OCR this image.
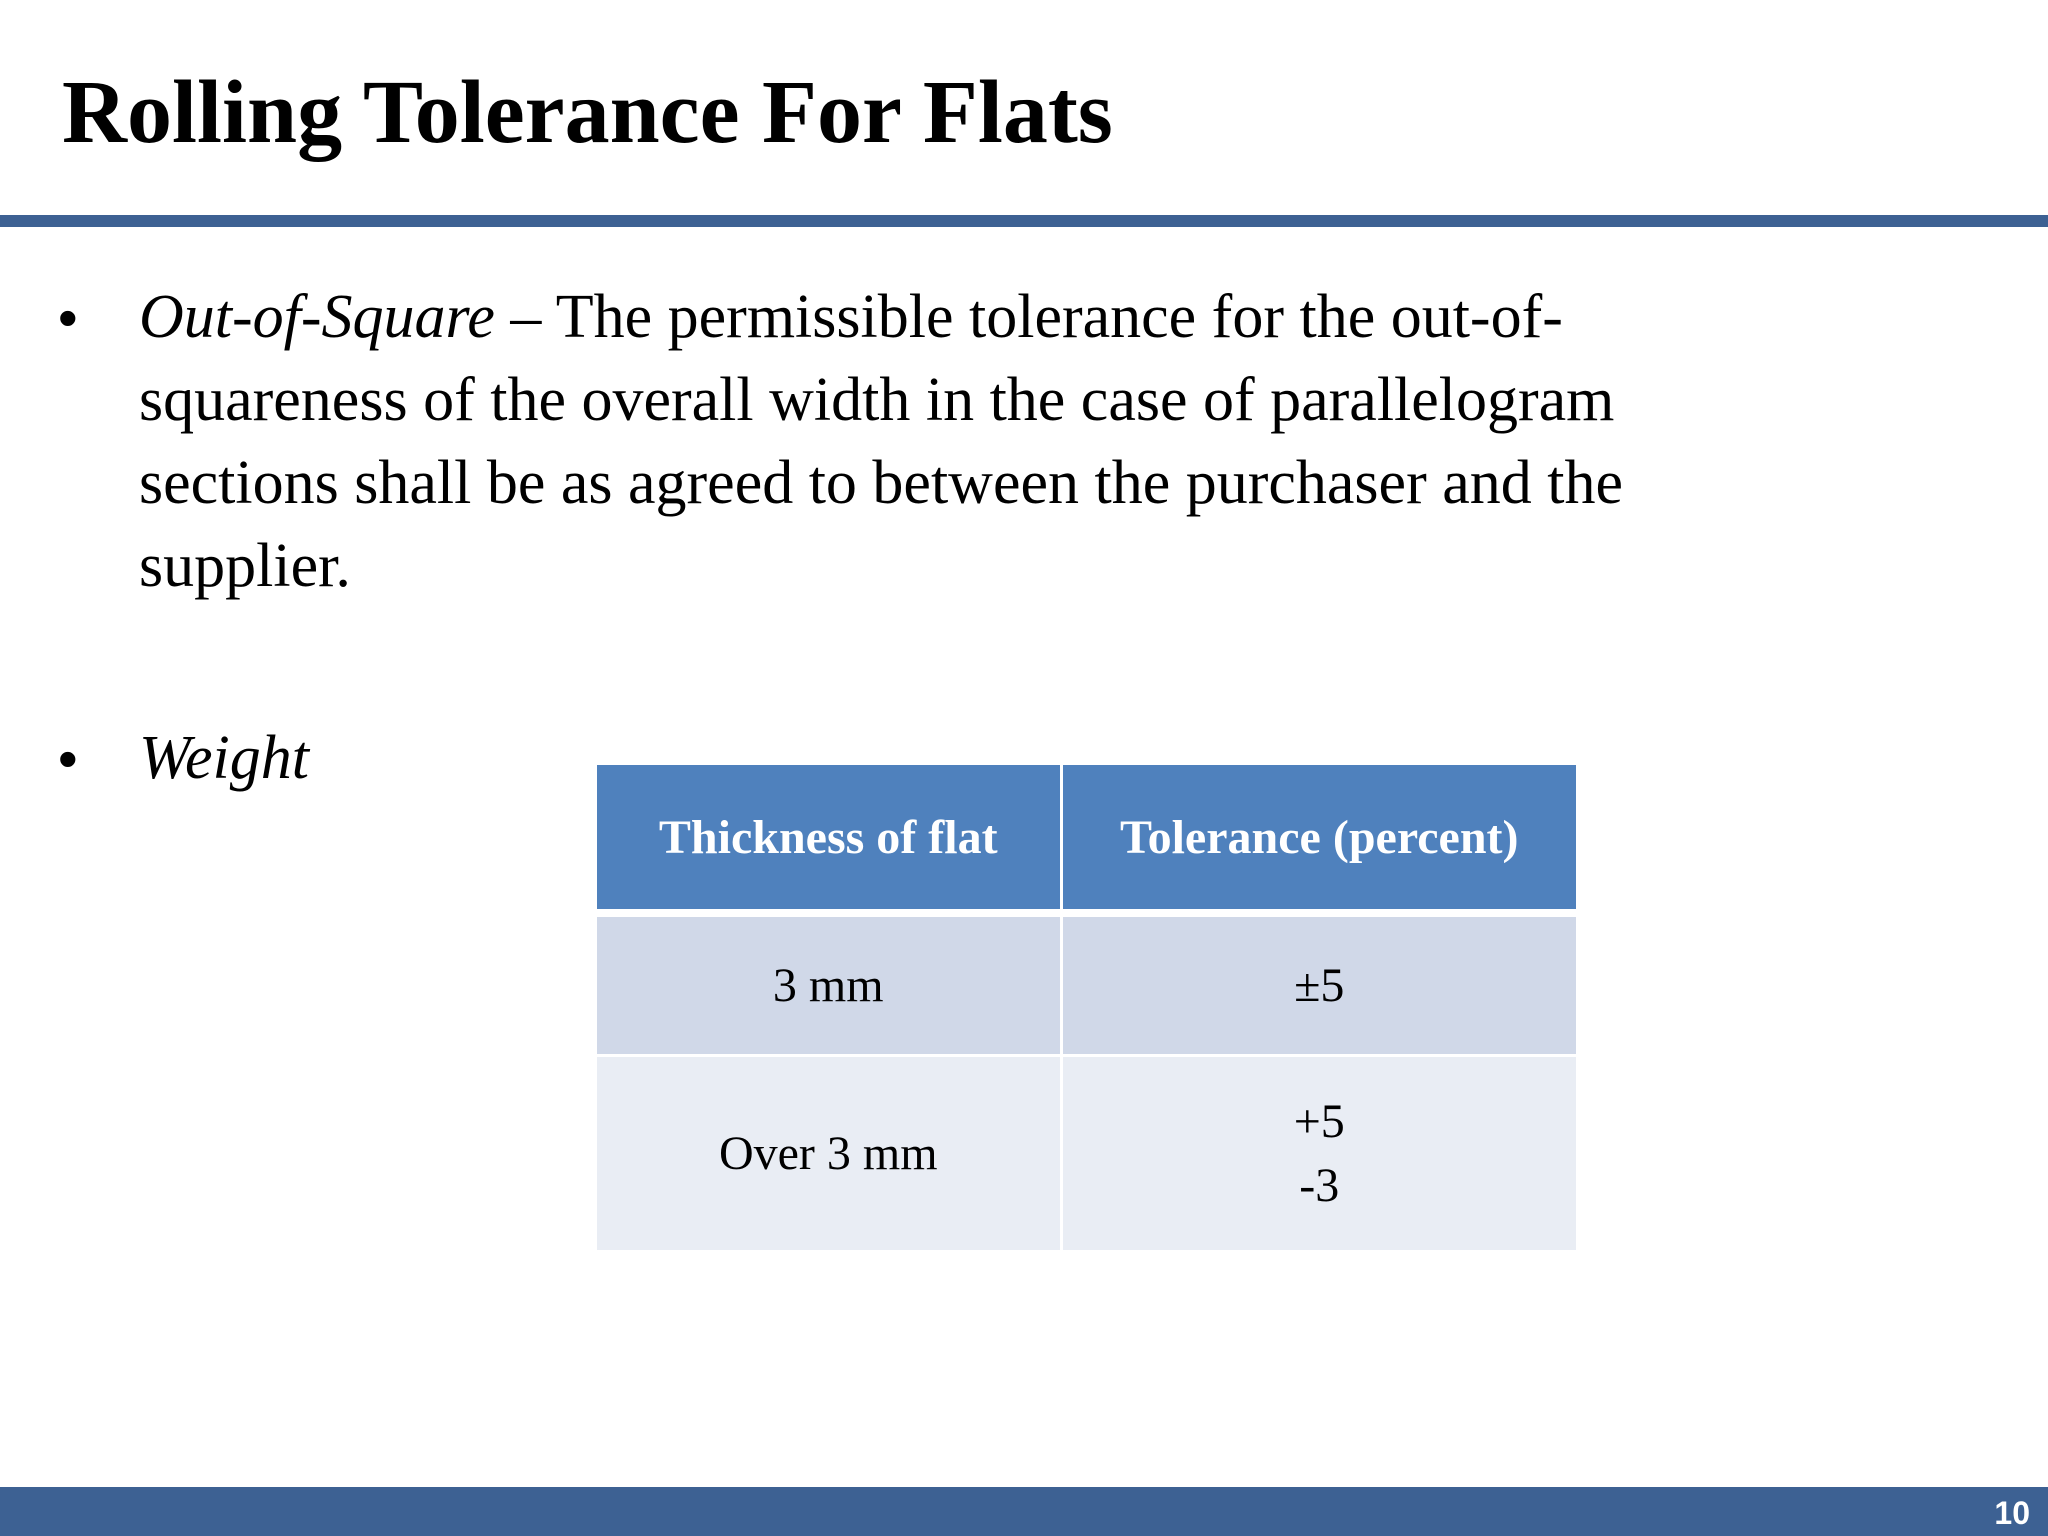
Rolling Tolerance For Flats
• Out-of-Square – The permissible tolerance for the out-of-squareness of the overall width in the case of parallelogram sections shall be as agreed to between the purchaser and the supplier.
• Weight
Thickness of flat	Tolerance (percent)
3 mm	±5

Over 3 mm	+5
-3
10
